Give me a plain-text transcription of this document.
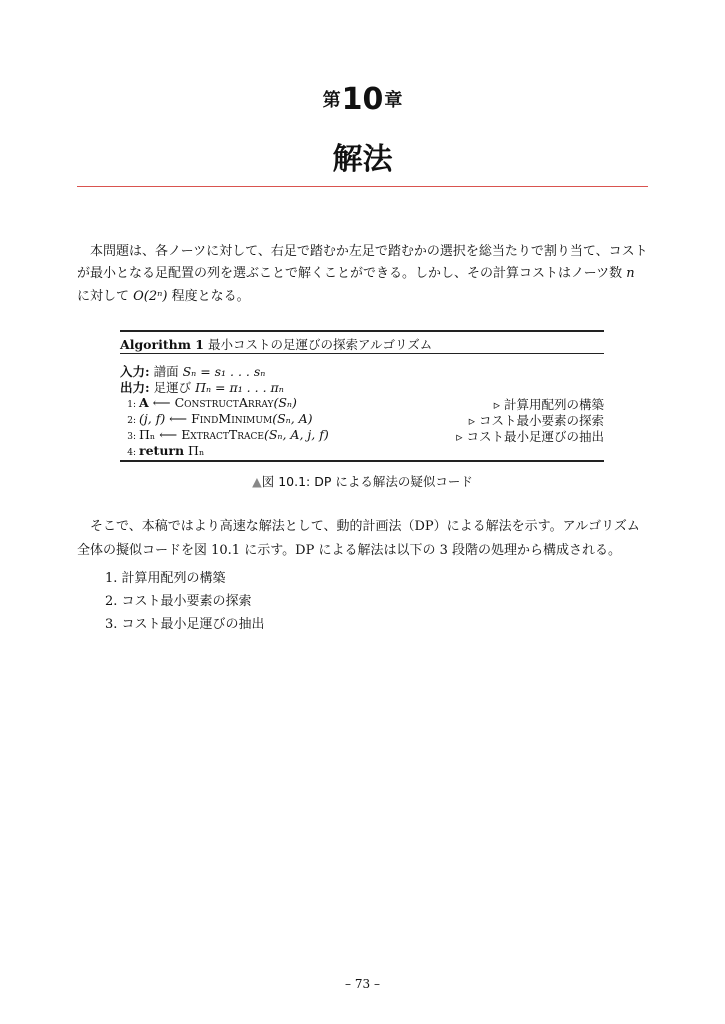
第10章
解法
本問題は、各ノーツに対して、右足で踏むか左足で踏むかの選択を総当たりで割り当て、コスト
が最小となる足配置の列を選ぶことで解くことができる。しかし、その計算コストはノーツ数 n
に対して O(2ⁿ) 程度となる。
Algorithm 1 最小コストの足運びの探索アルゴリズム
入力: 譜面 Sₙ = s₁ . . . sₙ
出力: 足運び Πₙ = π₁ . . . πₙ
1: A ⟵ ConstructArray(Sₙ)	▹ 計算用配列の構築
2: (j, f) ⟵ FindMinimum(Sₙ, A)	▹ コスト最小要素の探索
3: Πₙ ⟵ ExtractTrace(Sₙ, A, j, f)	▹ コスト最小足運びの抽出
4: return Πₙ
▲図 10.1: DP による解法の疑似コード
そこで、本稿ではより高速な解法として、動的計画法（DP）による解法を示す。アルゴリズム
全体の擬似コードを図 10.1 に示す。DP による解法は以下の 3 段階の処理から構成される。
1. 計算用配列の構築
2. コスト最小要素の探索
3. コスト最小足運びの抽出
– 73 –
